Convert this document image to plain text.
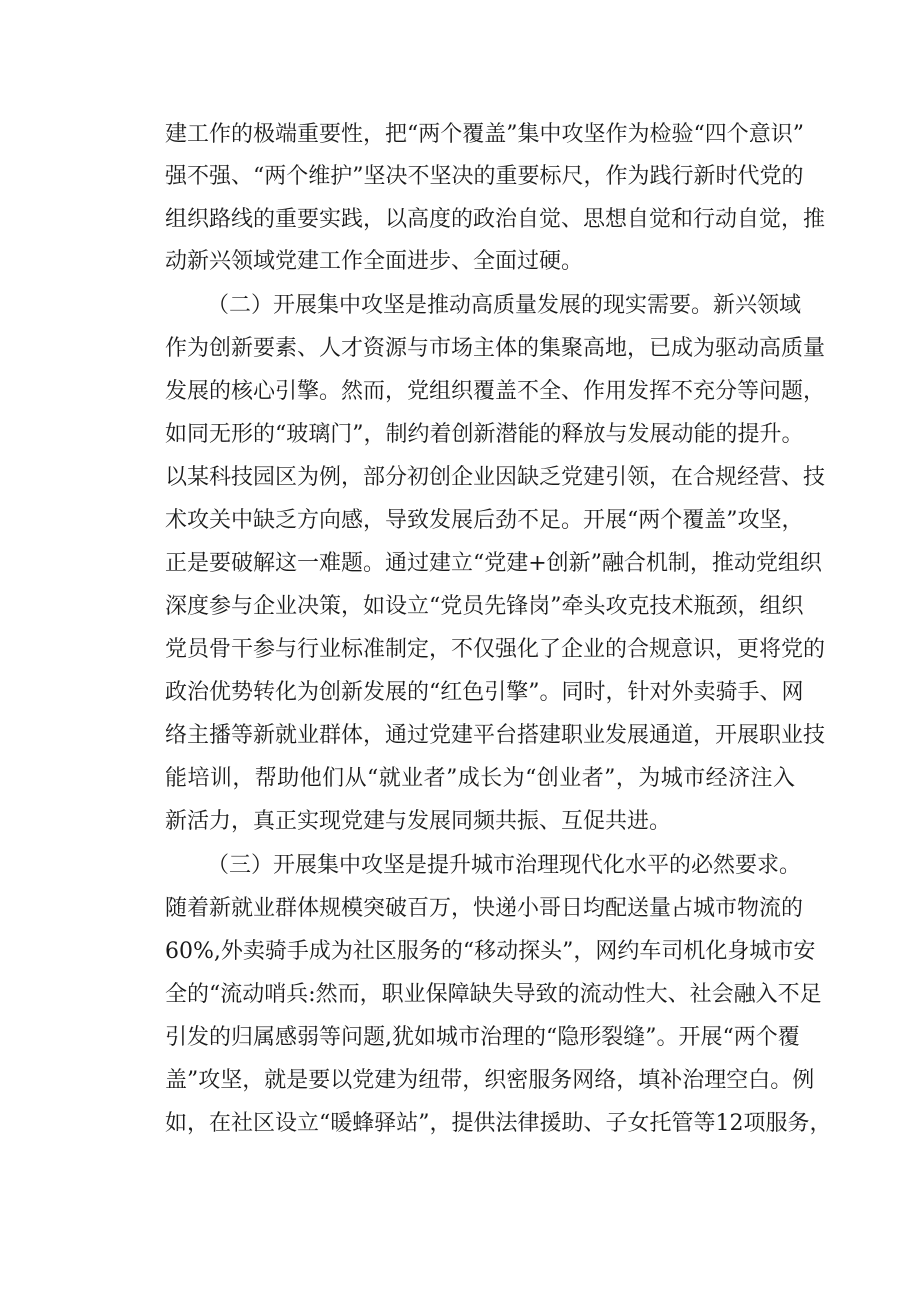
建工作的极端重要性，把“两个覆盖”集中攻坚作为检验“四个意识”
强不强、“两个维护”坚决不坚决的重要标尺，作为践行新时代党的
组织路线的重要实践，以高度的政治自觉、思想自觉和行动自觉，推
动新兴领域党建工作全面进步、全面过硬。
（二）开展集中攻坚是推动高质量发展的现实需要。新兴领域
作为创新要素、人才资源与市场主体的集聚高地，已成为驱动高质量
发展的核心引擎。然而，党组织覆盖不全、作用发挥不充分等问题，
如同无形的“玻璃门”，制约着创新潜能的释放与发展动能的提升。
以某科技园区为例，部分初创企业因缺乏党建引领，在合规经营、技
术攻关中缺乏方向感，导致发展后劲不足。开展“两个覆盖”攻坚，
正是要破解这一难题。通过建立“党建+创新”融合机制，推动党组织
深度参与企业决策，如设立“党员先锋岗”牵头攻克技术瓶颈，组织
党员骨干参与行业标准制定，不仅强化了企业的合规意识，更将党的
政治优势转化为创新发展的“红色引擎”。同时，针对外卖骑手、网
络主播等新就业群体，通过党建平台搭建职业发展通道，开展职业技
能培训，帮助他们从“就业者”成长为“创业者”，为城市经济注入
新活力，真正实现党建与发展同频共振、互促共进。
（三）开展集中攻坚是提升城市治理现代化水平的必然要求。
随着新就业群体规模突破百万，快递小哥日均配送量占城市物流的
60%,外卖骑手成为社区服务的“移动探头”，网约车司机化身城市安
全的“流动哨兵:然而，职业保障缺失导致的流动性大、社会融入不足
引发的归属感弱等问题,犹如城市治理的“隐形裂缝”。开展“两个覆
盖”攻坚，就是要以党建为纽带，织密服务网络，填补治理空白。例
如，在社区设立“暖蜂驿站”，提供法律援助、子女托管等12项服务，
